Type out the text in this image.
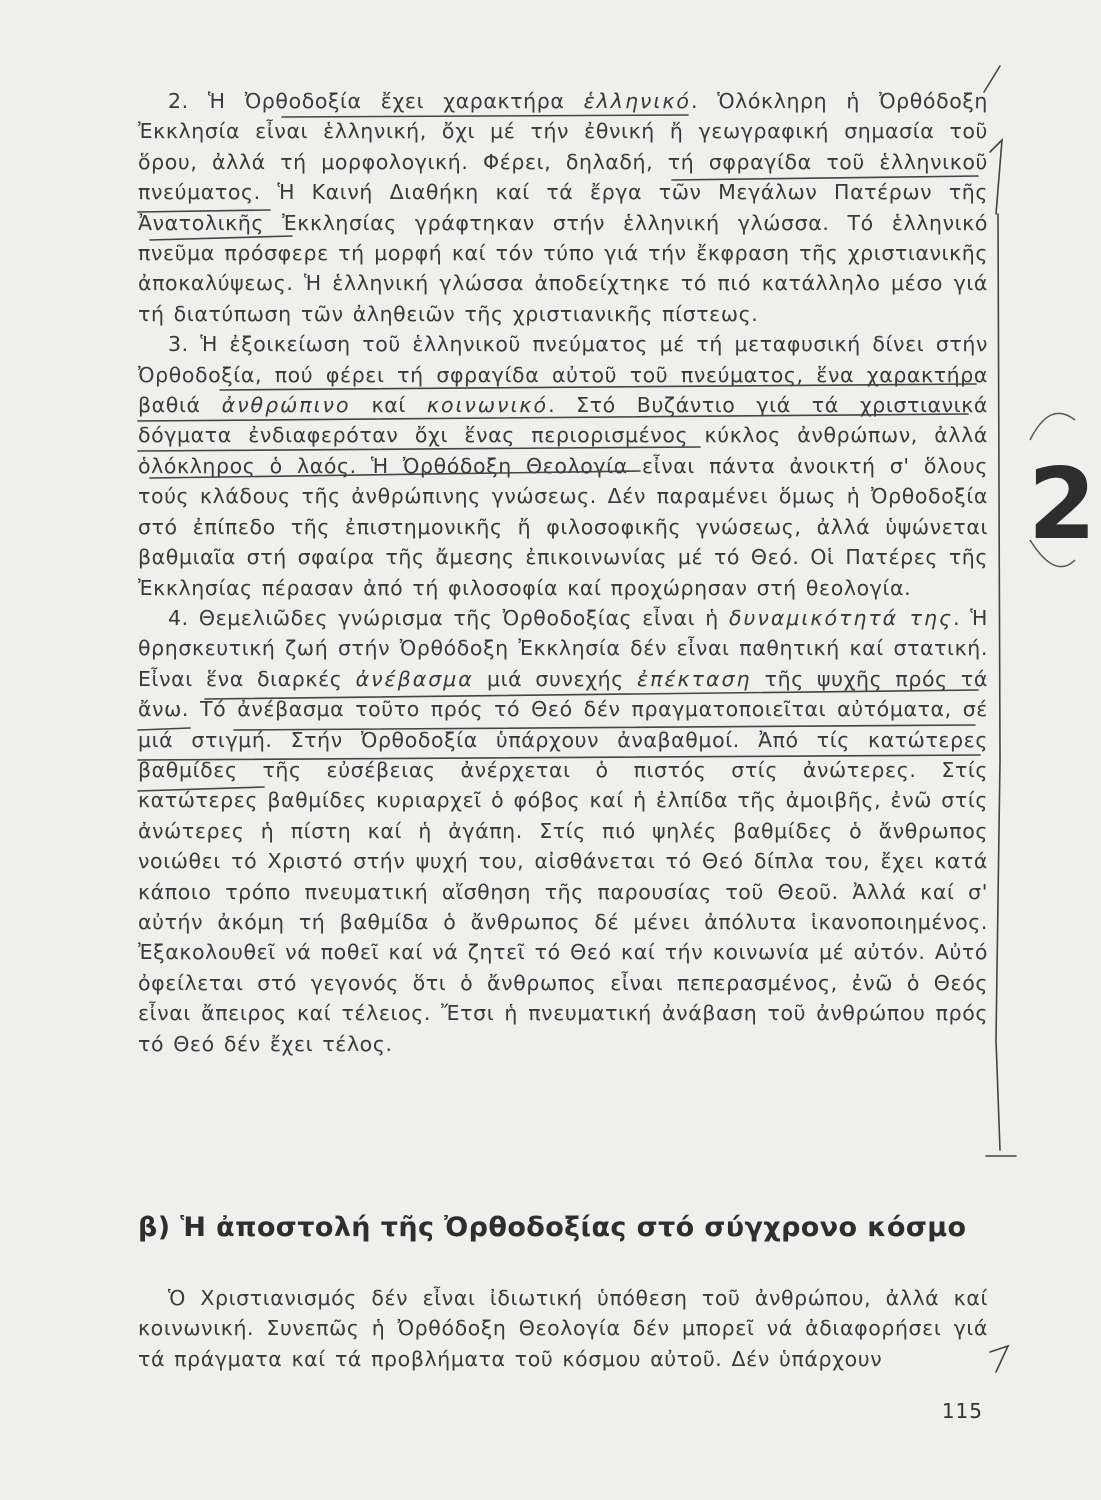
2. Ἡ Ὀρθοδοξία ἔχει χαρακτήρα ἑλληνικό. Ὁλόκληρη ἡ Ὀρθόδοξη Ἐκκλησία εἶναι ἑλληνική, ὄχι μέ τήν ἐθνική ἤ γεωγραφική σημασία τοῦ ὅρου, ἀλλά τή μορφολογική. Φέρει, δηλαδή, τή σφραγίδα τοῦ ἑλληνικοῦ πνεύματος. Ἡ Καινή Διαθήκη καί τά ἔργα τῶν Μεγάλων Πατέρων τῆς Ἀνατολικῆς Ἐκκλησίας γράφτηκαν στήν ἑλληνική γλώσσα. Τό ἑλληνικό πνεῦμα πρόσφερε τή μορφή καί τόν τύπο γιά τήν ἔκφραση τῆς χριστιανικῆς ἀποκαλύψεως. Ἡ ἑλληνική γλώσσα ἀποδείχτηκε τό πιό κατάλληλο μέσο γιά τή διατύπωση τῶν ἀληθειῶν τῆς χριστιανικῆς πίστεως.

3. Ἡ ἐξοικείωση τοῦ ἑλληνικοῦ πνεύματος μέ τή μεταφυσική δίνει στήν Ὀρθοδοξία, πού φέρει τή σφραγίδα αὐτοῦ τοῦ πνεύματος, ἕνα χαρακτήρα βαθιά ἀνθρώπινο καί κοινωνικό. Στό Βυζάντιο γιά τά χριστιανικά δόγματα ἐνδιαφερόταν ὄχι ἕνας περιορισμένος κύκλος ἀνθρώπων, ἀλλά ὁλόκληρος ὁ λαός. Ἡ Ὀρθόδοξη Θεολογία εἶναι πάντα ἀνοικτή σ' ὅλους τούς κλάδους τῆς ἀνθρώπινης γνώσεως. Δέν παραμένει ὅμως ἡ Ὀρθοδοξία στό ἐπίπεδο τῆς ἐπιστημονικῆς ἤ φιλοσοφικῆς γνώσεως, ἀλλά ὑψώνεται βαθμιαῖα στή σφαίρα τῆς ἄμεσης ἐπικοινωνίας μέ τό Θεό. Οἱ Πατέρες τῆς Ἐκκλησίας πέρασαν ἀπό τή φιλοσοφία καί προχώρησαν στή θεολογία.

4. Θεμελιῶδες γνώρισμα τῆς Ὀρθοδοξίας εἶναι ἡ δυναμικότητά της. Ἡ θρησκευτική ζωή στήν Ὀρθόδοξη Ἐκκλησία δέν εἶναι παθητική καί στατική. Εἶναι ἕνα διαρκές ἀνέβασμα μιά συνεχής ἐπέκταση τῆς ψυχῆς πρός τά ἄνω. Τό ἀνέβασμα τοῦτο πρός τό Θεό δέν πραγματοποιεῖται αὐτόματα, σέ μιά στιγμή. Στήν Ὀρθοδοξία ὑπάρχουν ἀναβαθμοί. Ἀπό τίς κατώτερες βαθμίδες τῆς εὐσέβειας ἀνέρχεται ὁ πιστός στίς ἀνώτερες. Στίς κατώτερες βαθμίδες κυριαρχεῖ ὁ φόβος καί ἡ ἐλπίδα τῆς ἀμοιβῆς, ἐνῶ στίς ἀνώτερες ἡ πίστη καί ἡ ἀγάπη. Στίς πιό ψηλές βαθμίδες ὁ ἄνθρωπος νοιώθει τό Χριστό στήν ψυχή του, αἰσθάνεται τό Θεό δίπλα του, ἔχει κατά κάποιο τρόπο πνευματική αἴσθηση τῆς παρουσίας τοῦ Θεοῦ. Ἀλλά καί σ' αὐτήν ἀκόμη τή βαθμίδα ὁ ἄνθρωπος δέ μένει ἀπόλυτα ἱκανοποιημένος. Ἐξακολουθεῖ νά ποθεῖ καί νά ζητεῖ τό Θεό καί τήν κοινωνία μέ αὐτόν. Αὐτό ὀφείλεται στό γεγονός ὅτι ὁ ἄνθρωπος εἶναι πεπερασμένος, ἐνῶ ὁ Θεός εἶναι ἄπειρος καί τέλειος. Ἔτσι ἡ πνευματική ἀνάβαση τοῦ ἀνθρώπου πρός τό Θεό δέν ἔχει τέλος.

β) Ἡ ἀποστολή τῆς Ὀρθοδοξίας στό σύγχρονο κόσμο

Ὁ Χριστιανισμός δέν εἶναι ἰδιωτική ὑπόθεση τοῦ ἀνθρώπου, ἀλλά καί κοινωνική. Συνεπῶς ἡ Ὀρθόδοξη Θεολογία δέν μπορεῖ νά ἀδιαφορήσει γιά τά πράγματα καί τά προβλήματα τοῦ κόσμου αὐτοῦ. Δέν ὑπάρχουν

115
2
